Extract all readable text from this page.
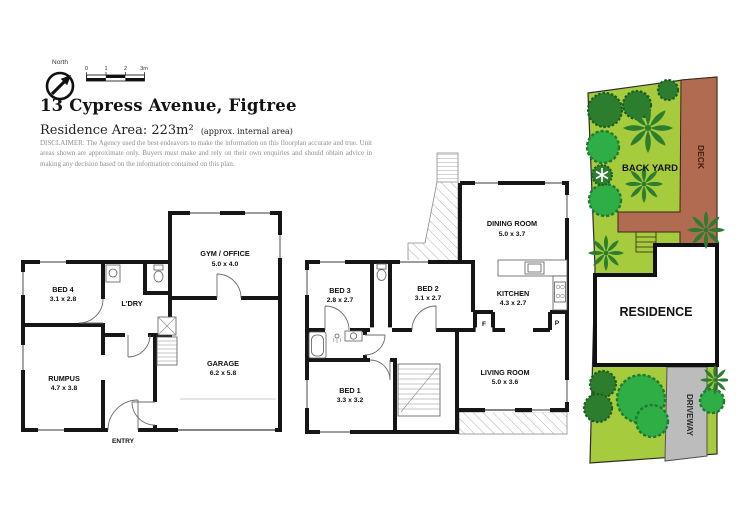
North
0	1	2 3m
13 Cypress Avenue, Figtree
Residence Area: 223m² (approx. internal area)
DISCLAIMER: The Agency used the best endeavors to make the information on this floorplan accurate and true. Unit areas shown are approximate only. Buyers must make and rely on their own enquiries and should obtain advice in making any decision based on the information contained on this plan.
BED 4
3.1 x 2.8	L'DRY
GYM / OFFICE
5.0 x 4.0
RUMPUS
4.7 x 3.8
GARAGE
6.2 x 5.8
ENTRY
BED 3
2.8 x 2.7
BED 2
3.1 x 2.7
DINING ROOM
5.0 x 3.7
KITCHEN
4.3 x 2.7
BED 1
3.3 x 3.2
LIVING ROOM
5.0 x 3.6
F	P
BACK YARD DECK
RESIDENCE
DRIVEWAY
